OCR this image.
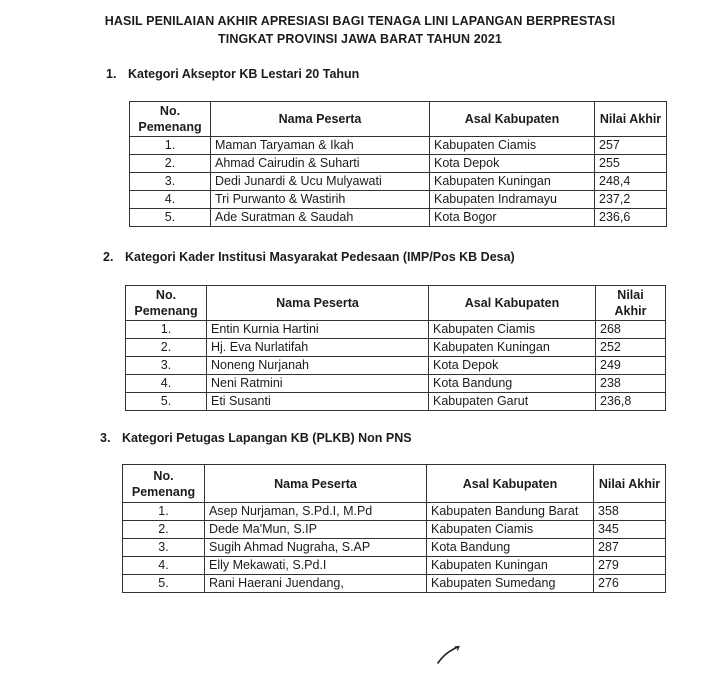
HASIL PENILAIAN AKHIR APRESIASI BAGI TENAGA LINI LAPANGAN BERPRESTASI
TINGKAT PROVINSI JAWA BARAT TAHUN 2021
1. Kategori Akseptor KB Lestari 20 Tahun
No. Pemenang	Nama Peserta	Asal Kabupaten	Nilai Akhir
1.	Maman Taryaman & Ikah	Kabupaten Ciamis	257
2.	Ahmad Cairudin & Suharti	Kota Depok	255
3.	Dedi Junardi & Ucu Mulyawati	Kabupaten Kuningan	248,4
4.	Tri Purwanto & Wastirih	Kabupaten Indramayu	237,2
5.	Ade Suratman & Saudah	Kota Bogor	236,6
2. Kategori Kader Institusi Masyarakat Pedesaan (IMP/Pos KB Desa)
No. Pemenang	Nama Peserta	Asal Kabupaten	Nilai Akhir
1.	Entin Kurnia Hartini	Kabupaten Ciamis	268
2.	Hj. Eva Nurlatifah	Kabupaten Kuningan	252
3.	Noneng Nurjanah	Kota Depok	249
4.	Neni Ratmini	Kota Bandung	238
5.	Eti Susanti	Kabupaten Garut	236,8
3. Kategori Petugas Lapangan KB (PLKB) Non PNS
No. Pemenang	Nama Peserta	Asal Kabupaten	Nilai Akhir
1.	Asep Nurjaman, S.Pd.I, M.Pd	Kabupaten Bandung Barat	358
2.	Dede Ma'Mun, S.IP	Kabupaten Ciamis	345
3.	Sugih Ahmad Nugraha, S.AP	Kota Bandung	287
4.	Elly Mekawati, S.Pd.I	Kabupaten Kuningan	279
5.	Rani Haerani Juendang,	Kabupaten Sumedang	276
